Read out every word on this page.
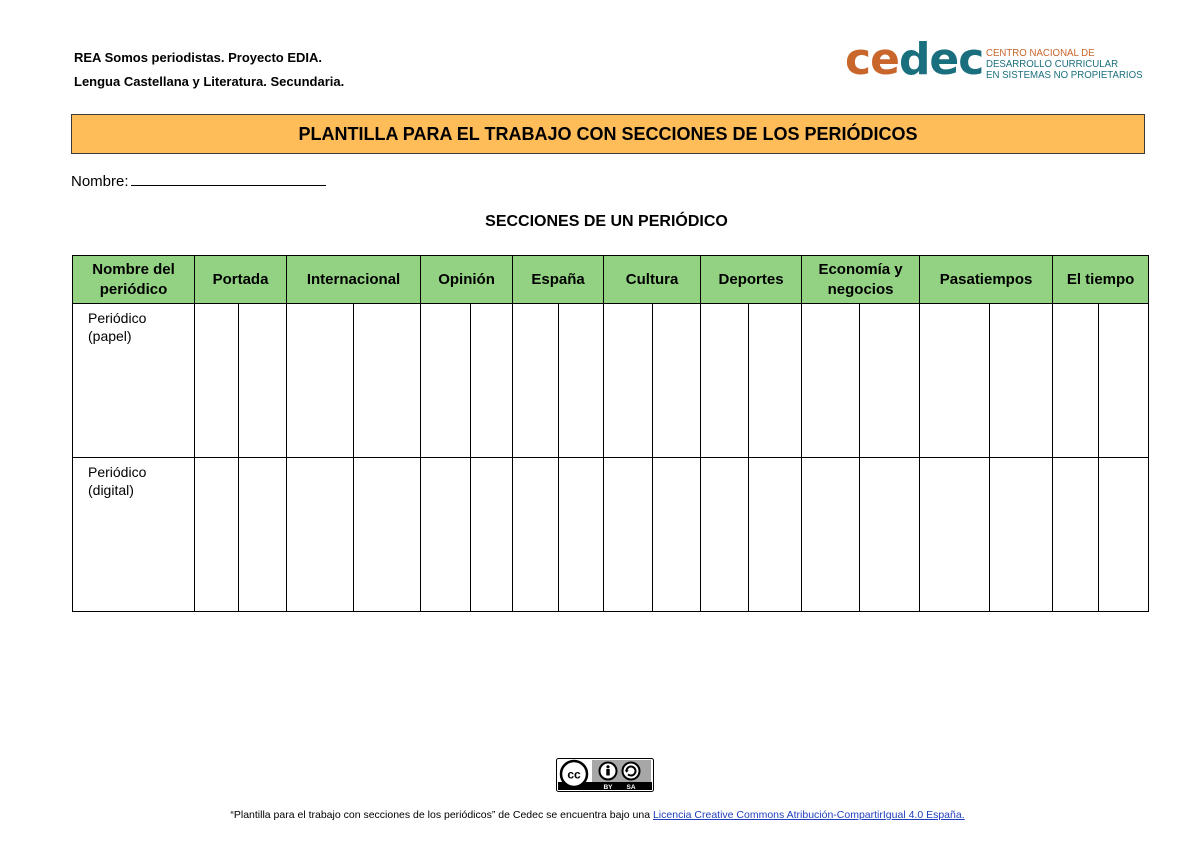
REA Somos periodistas. Proyecto EDIA.
Lengua Castellana y Literatura. Secundaria.	cedec CENTRO NACIONAL DE
DESARROLLO CURRICULAR
EN SISTEMAS NO PROPIETARIOS
PLANTILLA PARA EL TRABAJO CON SECCIONES DE LOS PERIÓDICOS
Nombre:
SECCIONES DE UN PERIÓDICO
Nombre del periódico	Portada		Internacional		Opinión		España		Cultura		Deportes		Economía y negocios		Pasatiempos		El tiempo	

Periódico
(papel)																		

Periódico
(digital)																		

cc
BY SA
“Plantilla para el trabajo con secciones de los periódicos” de Cedec se encuentra bajo una Licencia Creative Commons Atribución-CompartirIgual 4.0 España.
